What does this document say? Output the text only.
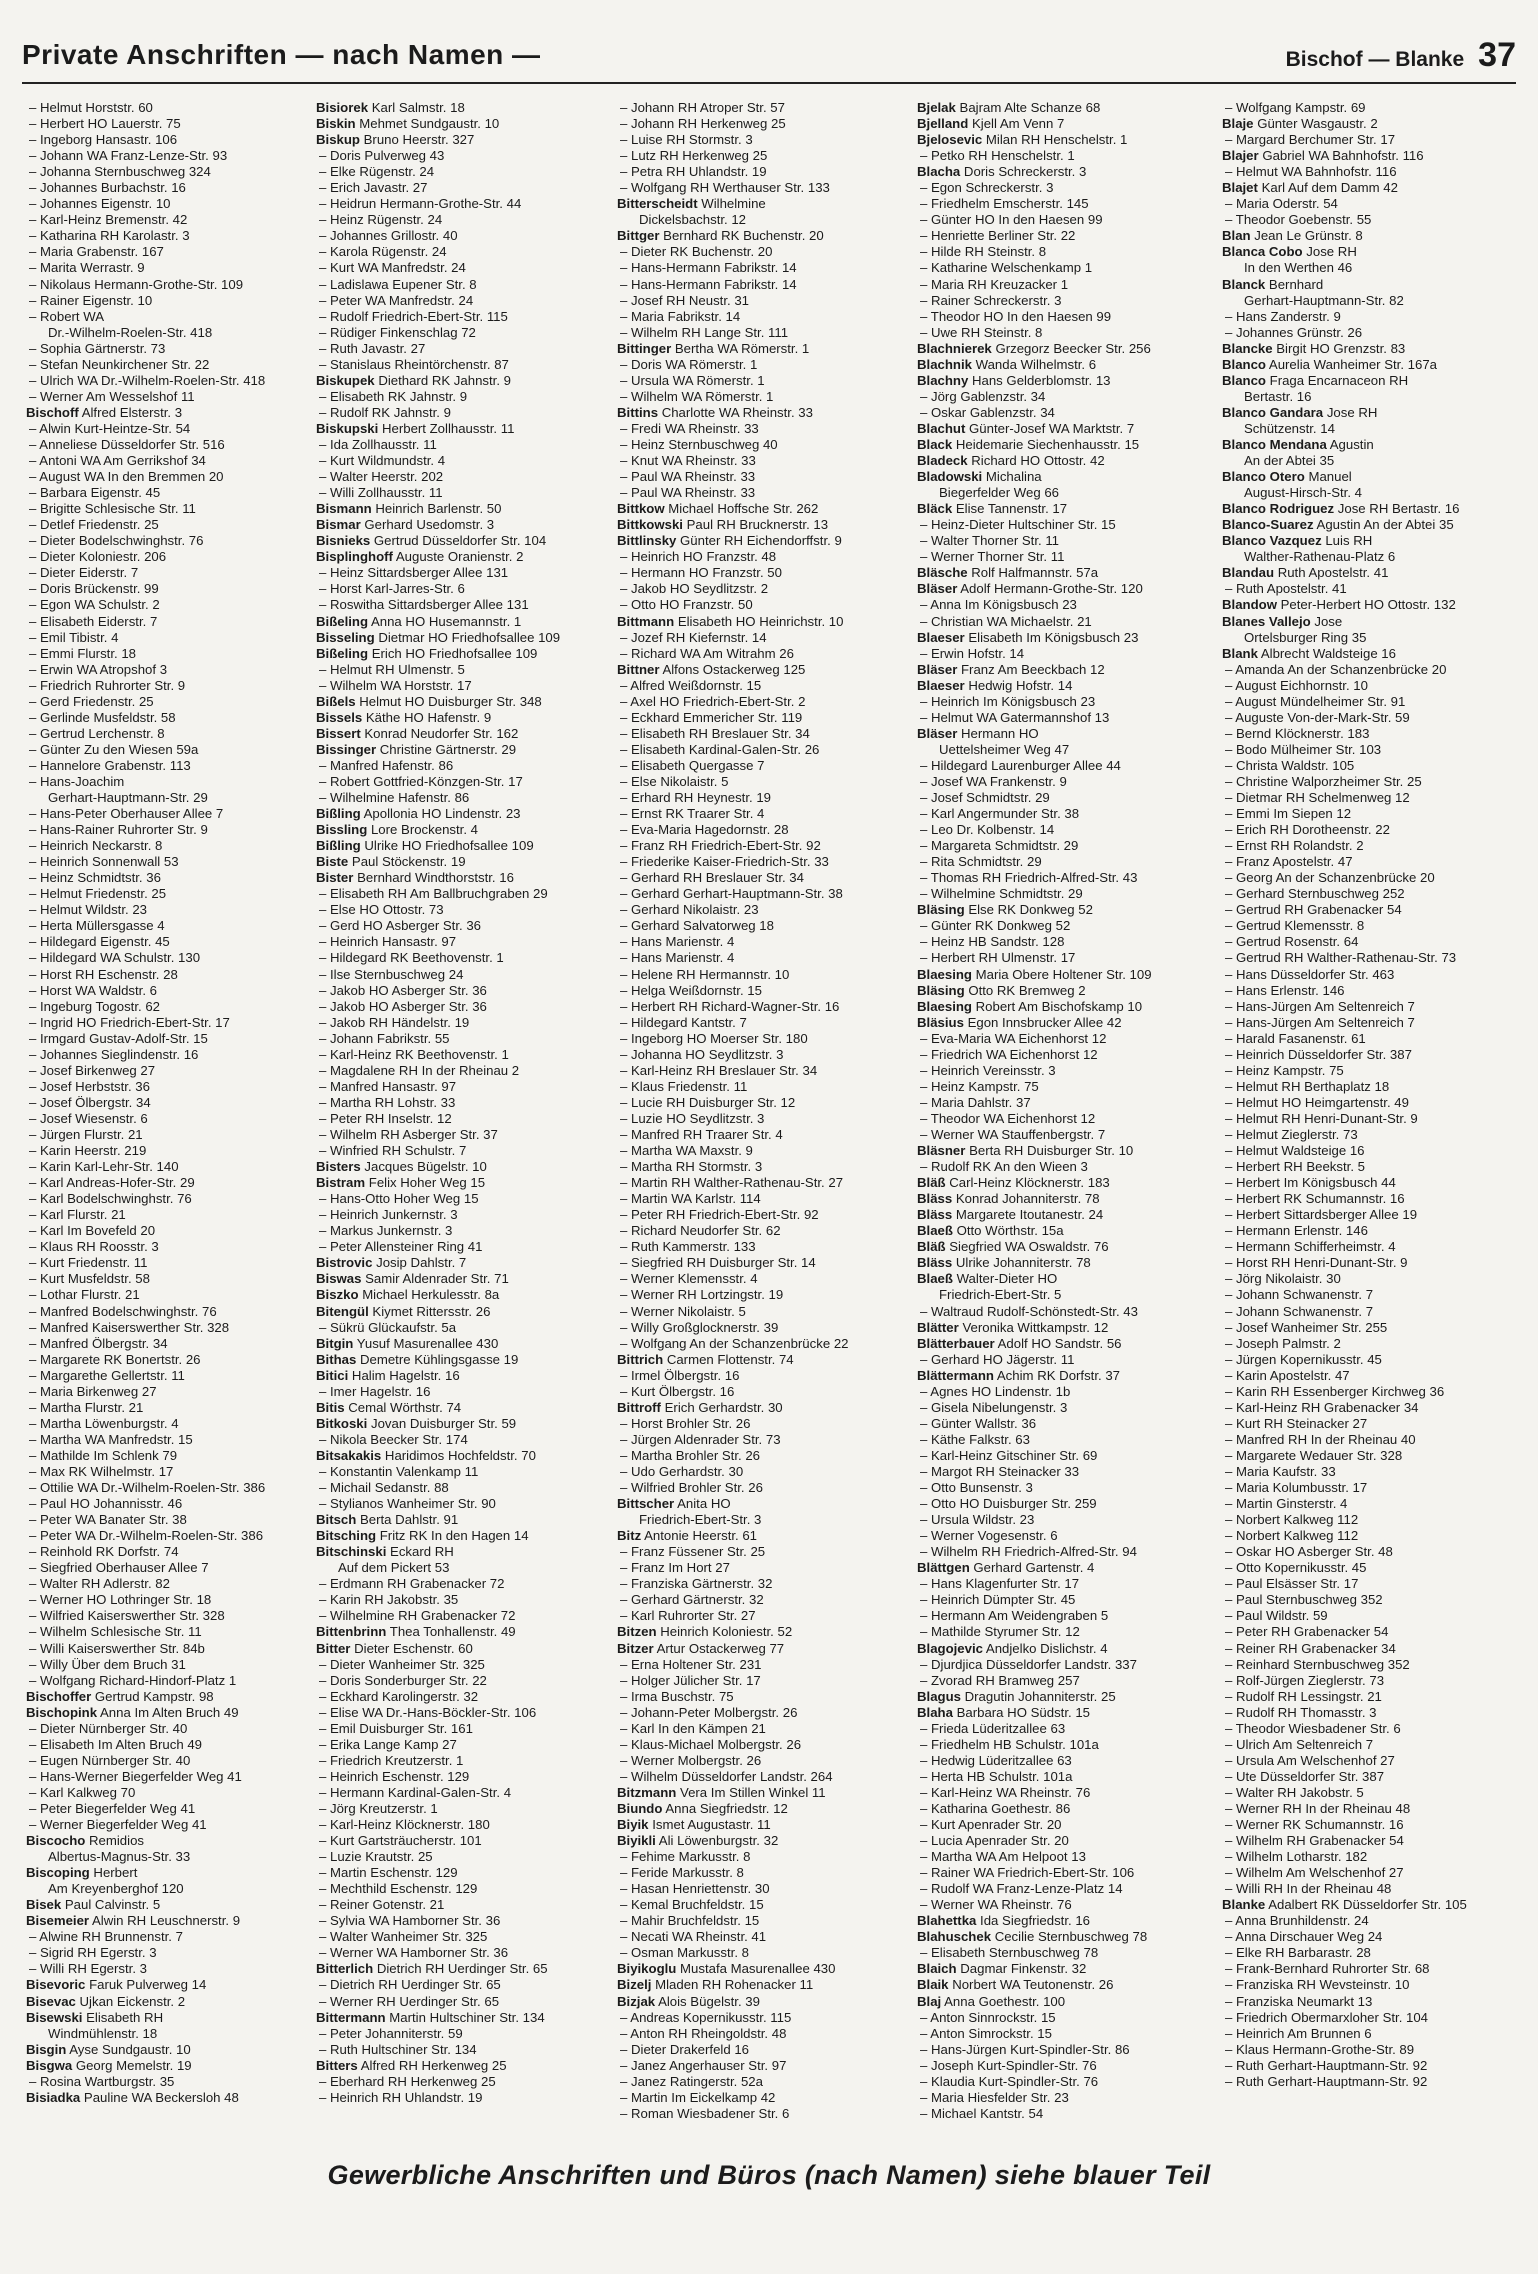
Private Anschriften — nach Namen —	Bischof — Blanke 37
– Helmut Horststr. 60
– Herbert HO Lauerstr. 75
– Ingeborg Hansastr. 106
– Johann WA Franz-Lenze-Str. 93
– Johanna Sternbuschweg 324
– Johannes Burbachstr. 16
– Johannes Eigenstr. 10
– Karl-Heinz Bremenstr. 42
– Katharina RH Karolastr. 3
– Maria Grabenstr. 167
– Marita Werrastr. 9
– Nikolaus Hermann-Grothe-Str. 109
– Rainer Eigenstr. 10
– Robert WA
Dr.-Wilhelm-Roelen-Str. 418
– Sophia Gärtnerstr. 73
– Stefan Neunkirchener Str. 22
– Ulrich WA Dr.-Wilhelm-Roelen-Str. 418
– Werner Am Wesselshof 11
Bischoff Alfred Elsterstr. 3
– Alwin Kurt-Heintze-Str. 54
– Anneliese Düsseldorfer Str. 516
– Antoni WA Am Gerrikshof 34
– August WA In den Bremmen 20
– Barbara Eigenstr. 45
– Brigitte Schlesische Str. 11
– Detlef Friedenstr. 25
– Dieter Bodelschwinghstr. 76
– Dieter Koloniestr. 206
– Dieter Eiderstr. 7
– Doris Brückenstr. 99
– Egon WA Schulstr. 2
– Elisabeth Eiderstr. 7
– Emil Tibistr. 4
– Emmi Flurstr. 18
– Erwin WA Atropshof 3
– Friedrich Ruhrorter Str. 9
– Gerd Friedenstr. 25
– Gerlinde Musfeldstr. 58
– Gertrud Lerchenstr. 8
– Günter Zu den Wiesen 59a
– Hannelore Grabenstr. 113
– Hans-Joachim
Gerhart-Hauptmann-Str. 29
– Hans-Peter Oberhauser Allee 7
– Hans-Rainer Ruhrorter Str. 9
– Heinrich Neckarstr. 8
– Heinrich Sonnenwall 53
– Heinz Schmidtstr. 36
– Helmut Friedenstr. 25
– Helmut Wildstr. 23
– Herta Müllersgasse 4
– Hildegard Eigenstr. 45
– Hildegard WA Schulstr. 130
– Horst RH Eschenstr. 28
– Horst WA Waldstr. 6
– Ingeburg Togostr. 62
– Ingrid HO Friedrich-Ebert-Str. 17
– Irmgard Gustav-Adolf-Str. 15
– Johannes Sieglindenstr. 16
– Josef Birkenweg 27
– Josef Herbststr. 36
– Josef Ölbergstr. 34
– Josef Wiesenstr. 6
– Jürgen Flurstr. 21
– Karin Heerstr. 219
– Karin Karl-Lehr-Str. 140
– Karl Andreas-Hofer-Str. 29
– Karl Bodelschwinghstr. 76
– Karl Flurstr. 21
– Karl Im Bovefeld 20
– Klaus RH Roosstr. 3
– Kurt Friedenstr. 11
– Kurt Musfeldstr. 58
– Lothar Flurstr. 21
– Manfred Bodelschwinghstr. 76
– Manfred Kaiserswerther Str. 328
– Manfred Ölbergstr. 34
– Margarete RK Bonertstr. 26
– Margarethe Gellertstr. 11
– Maria Birkenweg 27
– Martha Flurstr. 21
– Martha Löwenburgstr. 4
– Martha WA Manfredstr. 15
– Mathilde Im Schlenk 79
– Max RK Wilhelmstr. 17
– Ottilie WA Dr.-Wilhelm-Roelen-Str. 386
– Paul HO Johannisstr. 46
– Peter WA Banater Str. 38
– Peter WA Dr.-Wilhelm-Roelen-Str. 386
– Reinhold RK Dorfstr. 74
– Siegfried Oberhauser Allee 7
– Walter RH Adlerstr. 82
– Werner HO Lothringer Str. 18
– Wilfried Kaiserswerther Str. 328
– Wilhelm Schlesische Str. 11
– Willi Kaiserswerther Str. 84b
– Willy Über dem Bruch 31
– Wolfgang Richard-Hindorf-Platz 1
Bischoffer Gertrud Kampstr. 98
Bischopink Anna Im Alten Bruch 49
– Dieter Nürnberger Str. 40
– Elisabeth Im Alten Bruch 49
– Eugen Nürnberger Str. 40
– Hans-Werner Biegerfelder Weg 41
– Karl Kalkweg 70
– Peter Biegerfelder Weg 41
– Werner Biegerfelder Weg 41
Biscocho Remidios
Albertus-Magnus-Str. 33
Biscoping Herbert
Am Kreyenberghof 120
Bisek Paul Calvinstr. 5
Bisemeier Alwin RH Leuschnerstr. 9
– Alwine RH Brunnenstr. 7
– Sigrid RH Egerstr. 3
– Willi RH Egerstr. 3
Bisevoric Faruk Pulverweg 14
Bisevac Ujkan Eickenstr. 2
Bisewski Elisabeth RH
Windmühlenstr. 18
Bisgin Ayse Sundgaustr. 10
Bisgwa Georg Memelstr. 19
– Rosina Wartburgstr. 35
Bisiadka Pauline WA Beckersloh 48
Bisiorek Karl Salmstr. 18
Biskin Mehmet Sundgaustr. 10
Biskup Bruno Heerstr. 327
– Doris Pulverweg 43
– Elke Rügenstr. 24
– Erich Javastr. 27
– Heidrun Hermann-Grothe-Str. 44
– Heinz Rügenstr. 24
– Johannes Grillostr. 40
– Karola Rügenstr. 24
– Kurt WA Manfredstr. 24
– Ladislawa Eupener Str. 8
– Peter WA Manfredstr. 24
– Rudolf Friedrich-Ebert-Str. 115
– Rüdiger Finkenschlag 72
– Ruth Javastr. 27
– Stanislaus Rheintörchenstr. 87
Biskupek Diethard RK Jahnstr. 9
– Elisabeth RK Jahnstr. 9
– Rudolf RK Jahnstr. 9
Biskupski Herbert Zollhausstr. 11
– Ida Zollhausstr. 11
– Kurt Wildmundstr. 4
– Walter Heerstr. 202
– Willi Zollhausstr. 11
Bismann Heinrich Barlenstr. 50
Bismar Gerhard Usedomstr. 3
Bisnieks Gertrud Düsseldorfer Str. 104
Bisplinghoff Auguste Oranienstr. 2
– Heinz Sittardsberger Allee 131
– Horst Karl-Jarres-Str. 6
– Roswitha Sittardsberger Allee 131
Bißeling Anna HO Husemannstr. 1
Bisseling Dietmar HO Friedhofsallee 109
Bißeling Erich HO Friedhofsallee 109
– Helmut RH Ulmenstr. 5
– Wilhelm WA Horststr. 17
Bißels Helmut HO Duisburger Str. 348
Bissels Käthe HO Hafenstr. 9
Bissert Konrad Neudorfer Str. 162
Bissinger Christine Gärtnerstr. 29
– Manfred Hafenstr. 86
– Robert Gottfried-Könzgen-Str. 17
– Wilhelmine Hafenstr. 86
Bißling Apollonia HO Lindenstr. 23
Bissling Lore Brockenstr. 4
Bißling Ulrike HO Friedhofsallee 109
Biste Paul Stöckenstr. 19
Bister Bernhard Windthorststr. 16
– Elisabeth RH Am Ballbruchgraben 29
– Else HO Ottostr. 73
– Gerd HO Asberger Str. 36
– Heinrich Hansastr. 97
– Hildegard RK Beethovenstr. 1
– Ilse Sternbuschweg 24
– Jakob HO Asberger Str. 36
– Jakob HO Asberger Str. 36
– Jakob RH Händelstr. 19
– Johann Fabrikstr. 55
– Karl-Heinz RK Beethovenstr. 1
– Magdalene RH In der Rheinau 2
– Manfred Hansastr. 97
– Martha RH Lohstr. 33
– Peter RH Inselstr. 12
– Wilhelm RH Asberger Str. 37
– Winfried RH Schulstr. 7
Bisters Jacques Bügelstr. 10
Bistram Felix Hoher Weg 15
– Hans-Otto Hoher Weg 15
– Heinrich Junkernstr. 3
– Markus Junkernstr. 3
– Peter Allensteiner Ring 41
Bistrovic Josip Dahlstr. 7
Biswas Samir Aldenrader Str. 71
Biszko Michael Herkulesstr. 8a
Bitengül Kiymet Rittersstr. 26
– Sükrü Glückaufstr. 5a
Bitgin Yusuf Masurenallee 430
Bithas Demetre Kühlingsgasse 19
Bitici Halim Hagelstr. 16
– Imer Hagelstr. 16
Bitis Cemal Wörthstr. 74
Bitkoski Jovan Duisburger Str. 59
– Nikola Beecker Str. 174
Bitsakakis Haridimos Hochfeldstr. 70
– Konstantin Valenkamp 11
– Michail Sedanstr. 88
– Stylianos Wanheimer Str. 90
Bitsch Berta Dahlstr. 91
Bitsching Fritz RK In den Hagen 14
Bitschinski Eckard RH
Auf dem Pickert 53
– Erdmann RH Grabenacker 72
– Karin RH Jakobstr. 35
– Wilhelmine RH Grabenacker 72
Bittenbrinn Thea Tonhallenstr. 49
Bitter Dieter Eschenstr. 60
– Dieter Wanheimer Str. 325
– Doris Sonderburger Str. 22
– Eckhard Karolingerstr. 32
– Elise WA Dr.-Hans-Böckler-Str. 106
– Emil Duisburger Str. 161
– Erika Lange Kamp 27
– Friedrich Kreutzerstr. 1
– Heinrich Eschenstr. 129
– Hermann Kardinal-Galen-Str. 4
– Jörg Kreutzerstr. 1
– Karl-Heinz Klöcknerstr. 180
– Kurt Gartsträucherstr. 101
– Luzie Krautstr. 25
– Martin Eschenstr. 129
– Mechthild Eschenstr. 129
– Reiner Gotenstr. 21
– Sylvia WA Hamborner Str. 36
– Walter Wanheimer Str. 325
– Werner WA Hamborner Str. 36
Bitterlich Dietrich RH Uerdinger Str. 65
– Dietrich RH Uerdinger Str. 65
– Werner RH Uerdinger Str. 65
Bittermann Martin Hultschiner Str. 134
– Peter Johanniterstr. 59
– Ruth Hultschiner Str. 134
Bitters Alfred RH Herkenweg 25
– Eberhard RH Herkenweg 25
– Heinrich RH Uhlandstr. 19
– Johann RH Atroper Str. 57
– Johann RH Herkenweg 25
– Luise RH Stormstr. 3
– Lutz RH Herkenweg 25
– Petra RH Uhlandstr. 19
– Wolfgang RH Werthauser Str. 133
Bitterscheidt Wilhelmine
Dickelsbachstr. 12
Bittger Bernhard RK Buchenstr. 20
– Dieter RK Buchenstr. 20
– Hans-Hermann Fabrikstr. 14
– Hans-Hermann Fabrikstr. 14
– Josef RH Neustr. 31
– Maria Fabrikstr. 14
– Wilhelm RH Lange Str. 111
Bittinger Bertha WA Römerstr. 1
– Doris WA Römerstr. 1
– Ursula WA Römerstr. 1
– Wilhelm WA Römerstr. 1
Bittins Charlotte WA Rheinstr. 33
– Fredi WA Rheinstr. 33
– Heinz Sternbuschweg 40
– Knut WA Rheinstr. 33
– Paul WA Rheinstr. 33
– Paul WA Rheinstr. 33
Bittkow Michael Hoffsche Str. 262
Bittkowski Paul RH Brucknerstr. 13
Bittlinsky Günter RH Eichendorffstr. 9
– Heinrich HO Franzstr. 48
– Hermann HO Franzstr. 50
– Jakob HO Seydlitzstr. 2
– Otto HO Franzstr. 50
Bittmann Elisabeth HO Heinrichstr. 10
– Jozef RH Kiefernstr. 14
– Richard WA Am Witrahm 26
Bittner Alfons Ostackerweg 125
– Alfred Weißdornstr. 15
– Axel HO Friedrich-Ebert-Str. 2
– Eckhard Emmericher Str. 119
– Elisabeth RH Breslauer Str. 34
– Elisabeth Kardinal-Galen-Str. 26
– Elisabeth Quergasse 7
– Else Nikolaistr. 5
– Erhard RH Heynestr. 19
– Ernst RK Traarer Str. 4
– Eva-Maria Hagedornstr. 28
– Franz RH Friedrich-Ebert-Str. 92
– Friederike Kaiser-Friedrich-Str. 33
– Gerhard RH Breslauer Str. 34
– Gerhard Gerhart-Hauptmann-Str. 38
– Gerhard Nikolaistr. 23
– Gerhard Salvatorweg 18
– Hans Marienstr. 4
– Hans Marienstr. 4
– Helene RH Hermannstr. 10
– Helga Weißdornstr. 15
– Herbert RH Richard-Wagner-Str. 16
– Hildegard Kantstr. 7
– Ingeborg HO Moerser Str. 180
– Johanna HO Seydlitzstr. 3
– Karl-Heinz RH Breslauer Str. 34
– Klaus Friedenstr. 11
– Lucie RH Duisburger Str. 12
– Luzie HO Seydlitzstr. 3
– Manfred RH Traarer Str. 4
– Martha WA Maxstr. 9
– Martha RH Stormstr. 3
– Martin RH Walther-Rathenau-Str. 27
– Martin WA Karlstr. 114
– Peter RH Friedrich-Ebert-Str. 92
– Richard Neudorfer Str. 62
– Ruth Kammerstr. 133
– Siegfried RH Duisburger Str. 14
– Werner Klemensstr. 4
– Werner RH Lortzingstr. 19
– Werner Nikolaistr. 5
– Willy Großglocknerstr. 39
– Wolfgang An der Schanzenbrücke 22
Bittrich Carmen Flottenstr. 74
– Irmel Ölbergstr. 16
– Kurt Ölbergstr. 16
Bittroff Erich Gerhardstr. 30
– Horst Brohler Str. 26
– Jürgen Aldenrader Str. 73
– Martha Brohler Str. 26
– Udo Gerhardstr. 30
– Wilfried Brohler Str. 26
Bittscher Anita HO
Friedrich-Ebert-Str. 3
Bitz Antonie Heerstr. 61
– Franz Füssener Str. 25
– Franz Im Hort 27
– Franziska Gärtnerstr. 32
– Gerhard Gärtnerstr. 32
– Karl Ruhrorter Str. 27
Bitzen Heinrich Koloniestr. 52
Bitzer Artur Ostackerweg 77
– Erna Holtener Str. 231
– Holger Jülicher Str. 17
– Irma Buschstr. 75
– Johann-Peter Molbergstr. 26
– Karl In den Kämpen 21
– Klaus-Michael Molbergstr. 26
– Werner Molbergstr. 26
– Wilhelm Düsseldorfer Landstr. 264
Bitzmann Vera Im Stillen Winkel 11
Biundo Anna Siegfriedstr. 12
Biyik Ismet Augustastr. 11
Biyikli Ali Löwenburgstr. 32
– Fehime Markusstr. 8
– Feride Markusstr. 8
– Hasan Henriettenstr. 30
– Kemal Bruchfeldstr. 15
– Mahir Bruchfeldstr. 15
– Necati WA Rheinstr. 41
– Osman Markusstr. 8
Biyikoglu Mustafa Masurenallee 430
Bizelj Mladen RH Rohenacker 11
Bizjak Alois Bügelstr. 39
– Andreas Kopernikusstr. 115
– Anton RH Rheingoldstr. 48
– Dieter Drakerfeld 16
– Janez Angerhauser Str. 97
– Janez Ratingerstr. 52a
– Martin Im Eickelkamp 42
– Roman Wiesbadener Str. 6
Bjelak Bajram Alte Schanze 68
Bjelland Kjell Am Venn 7
Bjelosevic Milan RH Henschelstr. 1
– Petko RH Henschelstr. 1
Blacha Doris Schreckerstr. 3
– Egon Schreckerstr. 3
– Friedhelm Emscherstr. 145
– Günter HO In den Haesen 99
– Henriette Berliner Str. 22
– Hilde RH Steinstr. 8
– Katharine Welschenkamp 1
– Maria RH Kreuzacker 1
– Rainer Schreckerstr. 3
– Theodor HO In den Haesen 99
– Uwe RH Steinstr. 8
Blachnierek Grzegorz Beecker Str. 256
Blachnik Wanda Wilhelmstr. 6
Blachny Hans Gelderblomstr. 13
– Jörg Gablenzstr. 34
– Oskar Gablenzstr. 34
Blachut Günter-Josef WA Marktstr. 7
Black Heidemarie Siechenhausstr. 15
Bladeck Richard HO Ottostr. 42
Bladowski Michalina
Biegerfelder Weg 66
Bläck Elise Tannenstr. 17
– Heinz-Dieter Hultschiner Str. 15
– Walter Thorner Str. 11
– Werner Thorner Str. 11
Bläsche Rolf Halfmannstr. 57a
Bläser Adolf Hermann-Grothe-Str. 120
– Anna Im Königsbusch 23
– Christian WA Michaelstr. 21
Blaeser Elisabeth Im Königsbusch 23
– Erwin Hofstr. 14
Bläser Franz Am Beeckbach 12
Blaeser Hedwig Hofstr. 14
– Heinrich Im Königsbusch 23
– Helmut WA Gatermannshof 13
Bläser Hermann HO
Uettelsheimer Weg 47
– Hildegard Laurenburger Allee 44
– Josef WA Frankenstr. 9
– Josef Schmidtstr. 29
– Karl Angermunder Str. 38
– Leo Dr. Kolbenstr. 14
– Margareta Schmidtstr. 29
– Rita Schmidtstr. 29
– Thomas RH Friedrich-Alfred-Str. 43
– Wilhelmine Schmidtstr. 29
Bläsing Else RK Donkweg 52
– Günter RK Donkweg 52
– Heinz HB Sandstr. 128
– Herbert RH Ulmenstr. 17
Blaesing Maria Obere Holtener Str. 109
Bläsing Otto RK Bremweg 2
Blaesing Robert Am Bischofskamp 10
Bläsius Egon Innsbrucker Allee 42
– Eva-Maria WA Eichenhorst 12
– Friedrich WA Eichenhorst 12
– Heinrich Vereinsstr. 3
– Heinz Kampstr. 75
– Maria Dahlstr. 37
– Theodor WA Eichenhorst 12
– Werner WA Stauffenbergstr. 7
Bläsner Berta RH Duisburger Str. 10
– Rudolf RK An den Wieen 3
Bläß Carl-Heinz Klöcknerstr. 183
Bläss Konrad Johanniterstr. 78
Bläss Margarete Itoutanestr. 24
Blaeß Otto Wörthstr. 15a
Bläß Siegfried WA Oswaldstr. 76
Bläss Ulrike Johanniterstr. 78
Blaeß Walter-Dieter HO
Friedrich-Ebert-Str. 5
– Waltraud Rudolf-Schönstedt-Str. 43
Blätter Veronika Wittkampstr. 12
Blätterbauer Adolf HO Sandstr. 56
– Gerhard HO Jägerstr. 11
Blättermann Achim RK Dorfstr. 37
– Agnes HO Lindenstr. 1b
– Gisela Nibelungenstr. 3
– Günter Wallstr. 36
– Käthe Falkstr. 63
– Karl-Heinz Gitschiner Str. 69
– Margot RH Steinacker 33
– Otto Bunsenstr. 3
– Otto HO Duisburger Str. 259
– Ursula Wildstr. 23
– Werner Vogesenstr. 6
– Wilhelm RH Friedrich-Alfred-Str. 94
Blättgen Gerhard Gartenstr. 4
– Hans Klagenfurter Str. 17
– Heinrich Dümpter Str. 45
– Hermann Am Weidengraben 5
– Mathilde Styrumer Str. 12
Blagojevic Andjelko Dislichstr. 4
– Djurdjica Düsseldorfer Landstr. 337
– Zvorad RH Bramweg 257
Blagus Dragutin Johanniterstr. 25
Blaha Barbara HO Südstr. 15
– Frieda Lüderitzallee 63
– Friedhelm HB Schulstr. 101a
– Hedwig Lüderitzallee 63
– Herta HB Schulstr. 101a
– Karl-Heinz WA Rheinstr. 76
– Katharina Goethestr. 86
– Kurt Apenrader Str. 20
– Lucia Apenrader Str. 20
– Martha WA Am Helpoot 13
– Rainer WA Friedrich-Ebert-Str. 106
– Rudolf WA Franz-Lenze-Platz 14
– Werner WA Rheinstr. 76
Blahettka Ida Siegfriedstr. 16
Blahuschek Cecilie Sternbuschweg 78
– Elisabeth Sternbuschweg 78
Blaich Dagmar Finkenstr. 32
Blaik Norbert WA Teutonenstr. 26
Blaj Anna Goethestr. 100
– Anton Sinnrockstr. 15
– Anton Simrockstr. 15
– Hans-Jürgen Kurt-Spindler-Str. 86
– Joseph Kurt-Spindler-Str. 76
– Klaudia Kurt-Spindler-Str. 76
– Maria Hiesfelder Str. 23
– Michael Kantstr. 54
– Wolfgang Kampstr. 69
Blaje Günter Wasgaustr. 2
– Margard Berchumer Str. 17
Blajer Gabriel WA Bahnhofstr. 116
– Helmut WA Bahnhofstr. 116
Blajet Karl Auf dem Damm 42
– Maria Oderstr. 54
– Theodor Goebenstr. 55
Blan Jean Le Grünstr. 8
Blanca Cobo Jose RH
In den Werthen 46
Blanck Bernhard
Gerhart-Hauptmann-Str. 82
– Hans Zanderstr. 9
– Johannes Grünstr. 26
Blancke Birgit HO Grenzstr. 83
Blanco Aurelia Wanheimer Str. 167a
Blanco Fraga Encarnaceon RH
Bertastr. 16
Blanco Gandara Jose RH
Schützenstr. 14
Blanco Mendana Agustin
An der Abtei 35
Blanco Otero Manuel
August-Hirsch-Str. 4
Blanco Rodriguez Jose RH Bertastr. 16
Blanco-Suarez Agustin An der Abtei 35
Blanco Vazquez Luis RH
Walther-Rathenau-Platz 6
Blandau Ruth Apostelstr. 41
– Ruth Apostelstr. 41
Blandow Peter-Herbert HO Ottostr. 132
Blanes Vallejo Jose
Ortelsburger Ring 35
Blank Albrecht Waldsteige 16
– Amanda An der Schanzenbrücke 20
– August Eichhornstr. 10
– August Mündelheimer Str. 91
– Auguste Von-der-Mark-Str. 59
– Bernd Klöcknerstr. 183
– Bodo Mülheimer Str. 103
– Christa Waldstr. 105
– Christine Walporzheimer Str. 25
– Dietmar RH Schelmenweg 12
– Emmi Im Siepen 12
– Erich RH Dorotheenstr. 22
– Ernst RH Rolandstr. 2
– Franz Apostelstr. 47
– Georg An der Schanzenbrücke 20
– Gerhard Sternbuschweg 252
– Gertrud RH Grabenacker 54
– Gertrud Klemensstr. 8
– Gertrud Rosenstr. 64
– Gertrud RH Walther-Rathenau-Str. 73
– Hans Düsseldorfer Str. 463
– Hans Erlenstr. 146
– Hans-Jürgen Am Seltenreich 7
– Hans-Jürgen Am Seltenreich 7
– Harald Fasanenstr. 61
– Heinrich Düsseldorfer Str. 387
– Heinz Kampstr. 75
– Helmut RH Berthaplatz 18
– Helmut HO Heimgartenstr. 49
– Helmut RH Henri-Dunant-Str. 9
– Helmut Zieglerstr. 73
– Helmut Waldsteige 16
– Herbert RH Beekstr. 5
– Herbert Im Königsbusch 44
– Herbert RK Schumannstr. 16
– Herbert Sittardsberger Allee 19
– Hermann Erlenstr. 146
– Hermann Schifferheimstr. 4
– Horst RH Henri-Dunant-Str. 9
– Jörg Nikolaistr. 30
– Johann Schwanenstr. 7
– Johann Schwanenstr. 7
– Josef Wanheimer Str. 255
– Joseph Palmstr. 2
– Jürgen Kopernikusstr. 45
– Karin Apostelstr. 47
– Karin RH Essenberger Kirchweg 36
– Karl-Heinz RH Grabenacker 34
– Kurt RH Steinacker 27
– Manfred RH In der Rheinau 40
– Margarete Wedauer Str. 328
– Maria Kaufstr. 33
– Maria Kolumbusstr. 17
– Martin Ginsterstr. 4
– Norbert Kalkweg 112
– Norbert Kalkweg 112
– Oskar HO Asberger Str. 48
– Otto Kopernikusstr. 45
– Paul Elsässer Str. 17
– Paul Sternbuschweg 352
– Paul Wildstr. 59
– Peter RH Grabenacker 54
– Reiner RH Grabenacker 34
– Reinhard Sternbuschweg 352
– Rolf-Jürgen Zieglerstr. 73
– Rudolf RH Lessingstr. 21
– Rudolf RH Thomasstr. 3
– Theodor Wiesbadener Str. 6
– Ulrich Am Seltenreich 7
– Ursula Am Welschenhof 27
– Ute Düsseldorfer Str. 387
– Walter RH Jakobstr. 5
– Werner RH In der Rheinau 48
– Werner RK Schumannstr. 16
– Wilhelm RH Grabenacker 54
– Wilhelm Lotharstr. 182
– Wilhelm Am Welschenhof 27
– Willi RH In der Rheinau 48
Blanke Adalbert RK Düsseldorfer Str. 105
– Anna Brunhildenstr. 24
– Anna Dirschauer Weg 24
– Elke RH Barbarastr. 28
– Frank-Bernhard Ruhrorter Str. 68
– Franziska RH Wevsteinstr. 10
– Franziska Neumarkt 13
– Friedrich Obermarxloher Str. 104
– Heinrich Am Brunnen 6
– Klaus Hermann-Grothe-Str. 89
– Ruth Gerhart-Hauptmann-Str. 92
– Ruth Gerhart-Hauptmann-Str. 92
Gewerbliche Anschriften und Büros (nach Namen) siehe blauer Teil
